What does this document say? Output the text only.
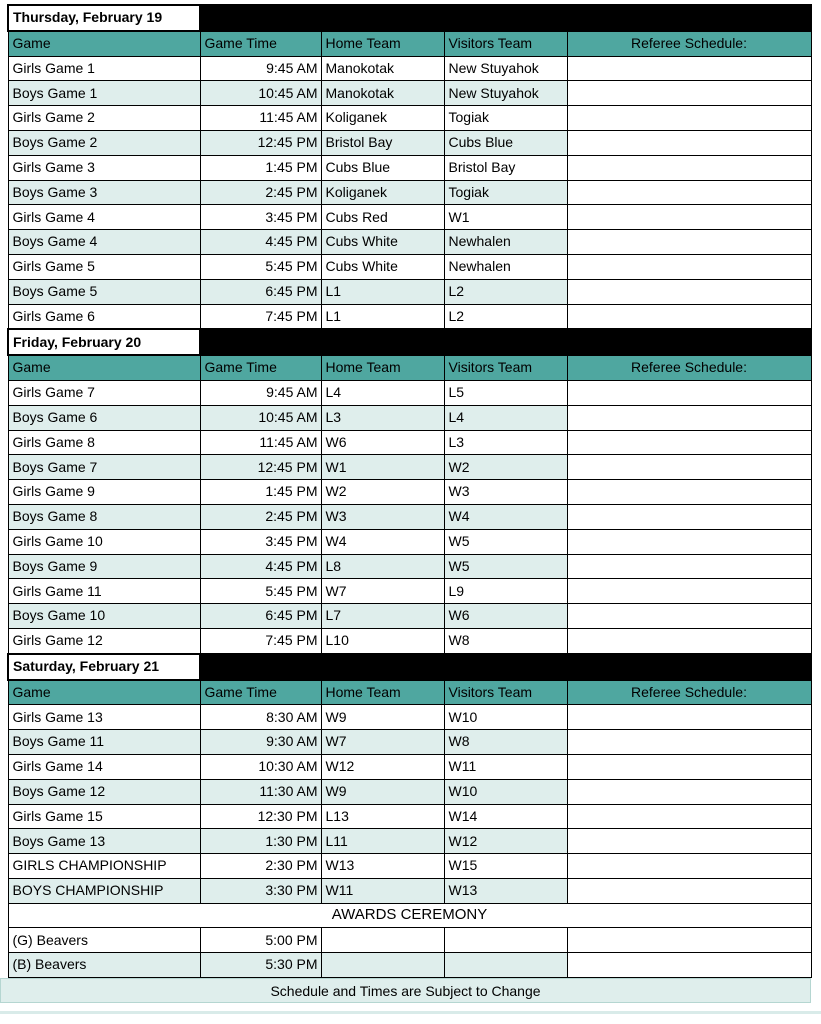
Thursday, February 19				
Game	Game Time	Home Team	Visitors Team	Referee Schedule:
Girls Game 1	9:45 AM	Manokotak	New Stuyahok	
Boys Game 1	10:45 AM	Manokotak	New Stuyahok	
Girls Game 2	11:45 AM	Koliganek	Togiak	
Boys Game 2	12:45 PM	Bristol Bay	Cubs Blue	
Girls Game 3	1:45 PM	Cubs Blue	Bristol Bay	
Boys Game 3	2:45 PM	Koliganek	Togiak	
Girls Game 4	3:45 PM	Cubs Red	W1	
Boys Game 4	4:45 PM	Cubs White	Newhalen	
Girls Game 5	5:45 PM	Cubs White	Newhalen	
Boys Game 5	6:45 PM	L1	L2	
Girls Game 6	7:45 PM	L1	L2	
Friday, February 20				
Game	Game Time	Home Team	Visitors Team	Referee Schedule:
Girls Game 7	9:45 AM	L4	L5	
Boys Game 6	10:45 AM	L3	L4	
Girls Game 8	11:45 AM	W6	L3	
Boys Game 7	12:45 PM	W1	W2	
Girls Game 9	1:45 PM	W2	W3	
Boys Game 8	2:45 PM	W3	W4	
Girls Game 10	3:45 PM	W4	W5	
Boys Game 9	4:45 PM	L8	W5	
Girls Game 11	5:45 PM	W7	L9	
Boys Game 10	6:45 PM	L7	W6	
Girls Game 12	7:45 PM	L10	W8	
Saturday, February 21				
Game	Game Time	Home Team	Visitors Team	Referee Schedule:
Girls Game 13	8:30 AM	W9	W10	
Boys Game 11	9:30 AM	W7	W8	
Girls Game 14	10:30 AM	W12	W11	
Boys Game 12	11:30 AM	W9	W10	
Girls Game 15	12:30 PM	L13	W14	
Boys Game 13	1:30 PM	L11	W12	
GIRLS CHAMPIONSHIP	2:30 PM	W13	W15	
BOYS CHAMPIONSHIP	3:30 PM	W11	W13	
AWARDS CEREMONY				
(G) Beavers	5:00 PM			
(B) Beavers	5:30 PM			
Schedule and Times are Subject to Change
